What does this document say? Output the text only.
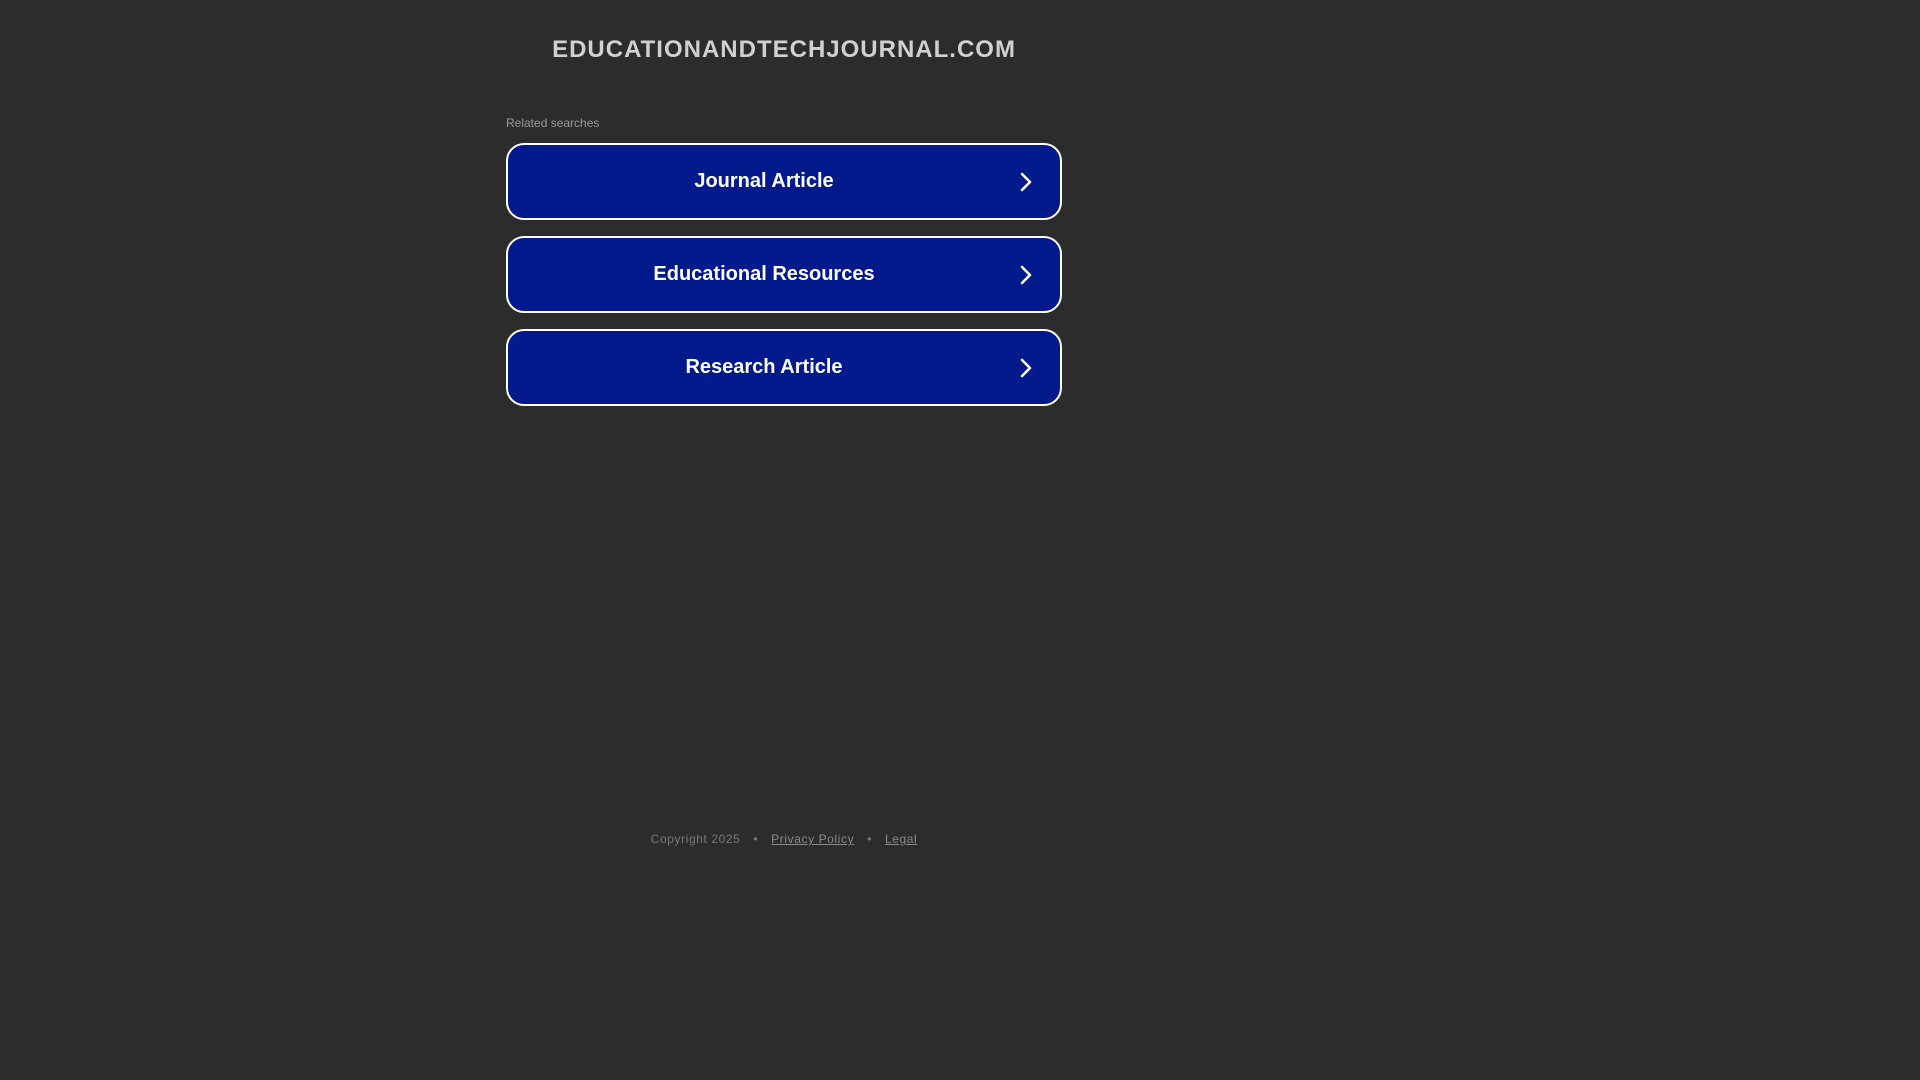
EDUCATIONANDTECHJOURNAL.COM
Related searches
Journal Article
Educational Resources
Research Article
Copyright 2025 • Privacy Policy • Legal
